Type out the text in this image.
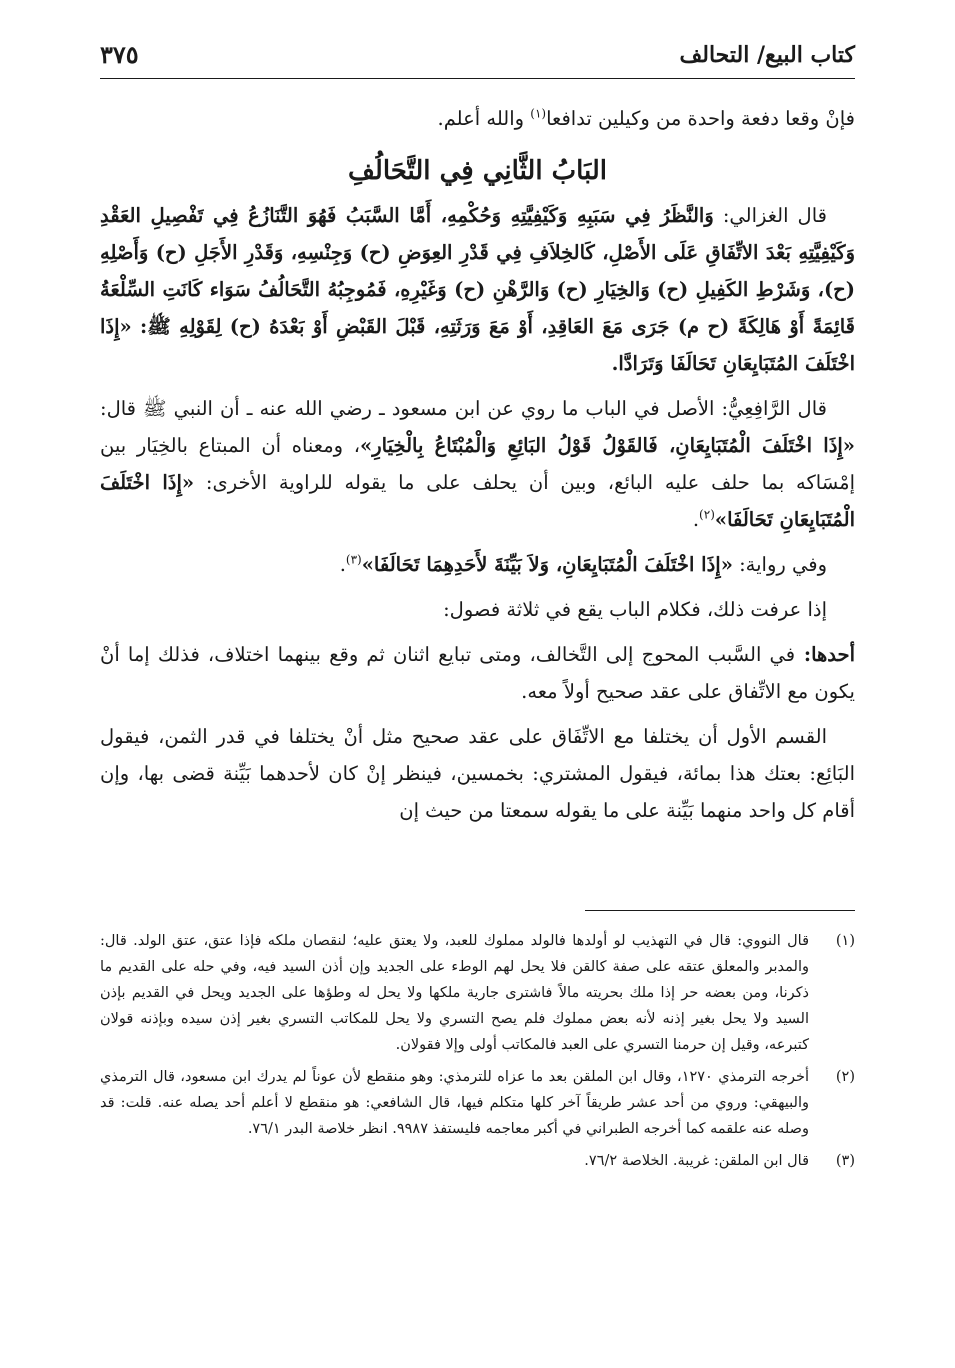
كتاب البيع/ التحالف
٣٧٥

فإنْ وقعا دفعة واحدة من وكيلين تدافعا$^{(١)}$ والله أعلم.

البَابُ الثَّانِي فِي التَّحَالُفِ

قال الغزالي: وَالنَّظَرُ فِي سَبَبِهِ وَكَيْفِيَّتِهِ وَحُكْمِهِ، أَمَّا السَّبَبُ فَهُوَ التَّنَازُعُ فِي تَفْصِيلِ العَقْدِ وَكَيْفِيَّتِهِ بَعْدَ الاتِّفَاقِ عَلَى الأَصْلِ، كَالخِلاَفِ فِي قَدْرِ العِوَضِ (ح) وَجِنْسِهِ، وَقَدْرِ الأَجَلِ (ح) وَأَصْلِهِ (ح)، وَشَرْطِ الكَفِيلِ (ح) وَالخِيَارِ (ح) وَالرَّهْنِ (ح) وَغَيْرِهِ، فَمُوجِبُهُ التَّحَالُفُ سَوَاء كَانَتِ السِّلْعَةُ قَائِمَةً أَوْ هَالِكَةً (ح م) جَرَى مَعَ العَاقِدِ، أَوْ مَعَ وَرَثَتِهِ، قَبْلَ القَبْضِ أَوْ بَعْدَهُ (ح) لِقَوْلِهِ ﷺ: «إِذَا اخْتَلَفَ المُتَبَايِعَانِ تَحَالَفَا وَتَرَادَّا.

قال الرَّافِعِيُّ: الأصل في الباب ما روي عن ابن مسعود ـ رضي الله عنه ـ أن النبي ﷺ قال: «إِذَا اخْتَلَفَ الْمُتَبَايِعَانِ، فَالقَوْلُ قَوْلُ البَائِعِ وَالْمُبْتَاعُ بِالْخِيَارِ»، ومعناه أن المبتاع بالخِيَار بين إمْسَاكه بما حلف عليه البائع، وبين أن يحلف على ما يقوله للراوية الأخرى: «إِذَا اخْتَلَفَ الْمُتَبَايِعَانِ تَحَالَفَا»$^{(٢)}$.

وفي رواية: «إِذَا اخْتَلَفَ الْمُتَبَايِعَانِ، وَلاَ بَيِّنَةَ لأَحَدِهِمَا تَحَالَفَا»$^{(٣)}$.

إذا عرفت ذلك، فكلام الباب يقع في ثلاثة فصول:

أحدها: في السَّبب المحوج إلى التَّخالف، ومتى تبايع اثنان ثم وقع بينهما اختلاف، فذلك إما أنْ يكون مع الاتِّفاق على عقد صحيح أولاً معه.

القسم الأول أن يختلفا مع الاتِّفَاق على عقد صحيح مثل أنْ يختلفا في قدر الثمن، فيقول البَائِع: بعتك هذا بمائة، فيقول المشتري: بخمسين، فينظر إنْ كان لأحدهما بَيِّنة قضى بها، وإن أقام كل واحد منهما بَيِّنة على ما يقوله سمعتا من حيث إن

(١)
قال النووي: قال في التهذيب لو أولدها فالولد مملوك للعبد، ولا يعتق عليه؛ لنقصان ملكه فإذا عتق، عتق الولد. قال: والمدبر والمعلق عتقه على صفة كالقن فلا يحل لهم الوطء على الجديد وإن أذن السيد فيه، وفي حله على القديم ما ذكرنا، ومن بعضه حر إذا ملك بحريته مالاً فاشترى جارية ملكها ولا يحل له وطؤها على الجديد ويحل في القديم بإذن السيد ولا يحل بغير إذنه لأنه بعض مملوك فلم يصح التسري ولا يحل للمكاتب التسري بغير إذن سيده وبإذنه قولان كتبرعه، وقيل إن حرمنا التسري على العبد فالمكاتب أولى وإلا فقولان.
(٢)
أخرجه الترمذي ١٢٧٠، وقال ابن الملقن بعد ما عزاه للترمذي: وهو منقطع لأن عوناً لم يدرك ابن مسعود، قال الترمذي والبيهقي: وروي من أحد عشر طريقاً آخر كلها متكلم فيها، قال الشافعي: هو منقطع لا أعلم أحد يصله عنه. قلت: قد وصله عنه علقمه كما أخرجه الطبراني في أكبر معاجمه فليستفذ ٩٩٨٧. انظر خلاصة البدر ٧٦/١.
(٣)
قال ابن الملقن: غريبة. الخلاصة ٧٦/٢.
